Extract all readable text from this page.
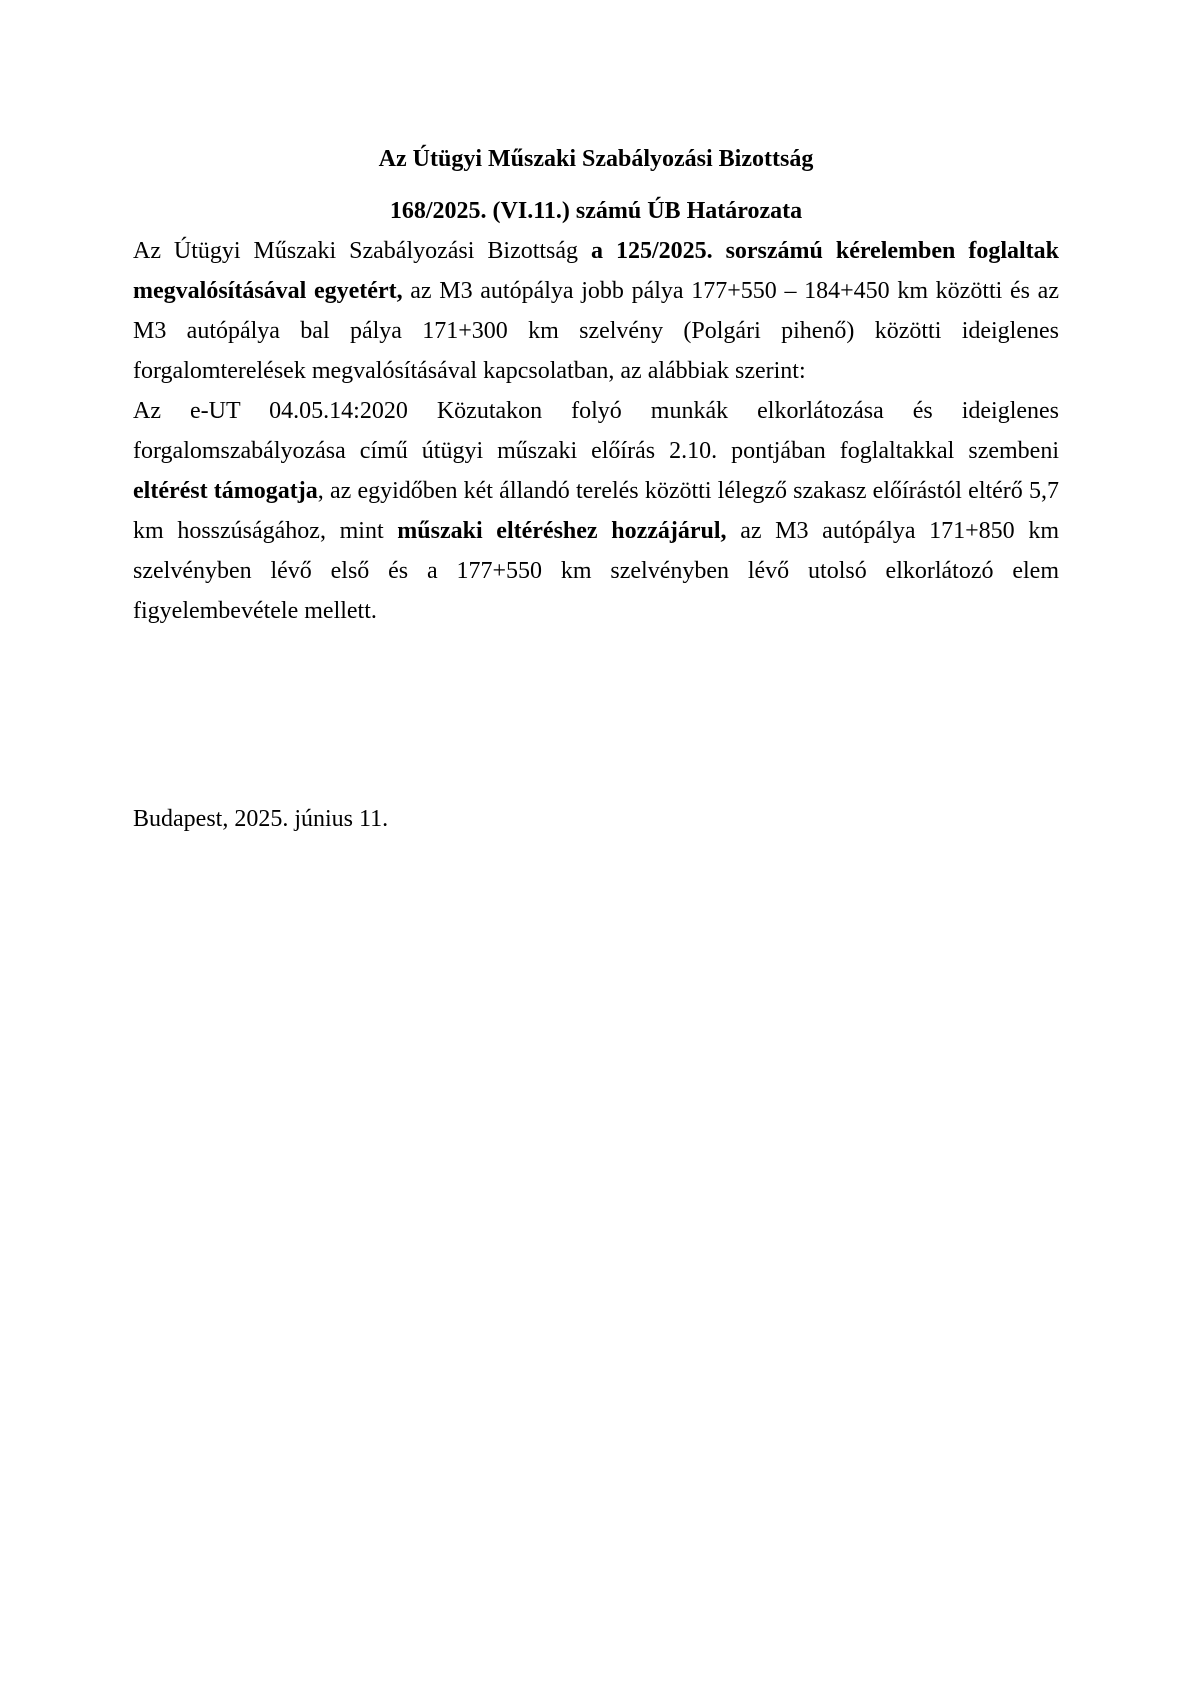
Az Útügyi Műszaki Szabályozási Bizottság
168/2025. (VI.11.) számú ÚB Határozata

Az Útügyi Műszaki Szabályozási Bizottság a 125/2025. sorszámú kérelemben foglaltak megvalósításával egyetért, az M3 autópálya jobb pálya 177+550 – 184+450 km közötti és az M3 autópálya bal pálya 171+300 km szelvény (Polgári pihenő) közötti ideiglenes forgalomterelések megvalósításával kapcsolatban, az alábbiak szerint:

Az e-UT 04.05.14:2020 Közutakon folyó munkák elkorlátozása és ideiglenes forgalomszabályozása című útügyi műszaki előírás 2.10. pontjában foglaltakkal szembeni eltérést támogatja, az egyidőben két állandó terelés közötti lélegző szakasz előírástól eltérő 5,7 km hosszúságához, mint műszaki eltéréshez hozzájárul, az M3 autópálya 171+850 km szelvényben lévő első és a 177+550 km szelvényben lévő utolsó elkorlátozó elem figyelembevétele mellett.

Budapest, 2025. június 11.
